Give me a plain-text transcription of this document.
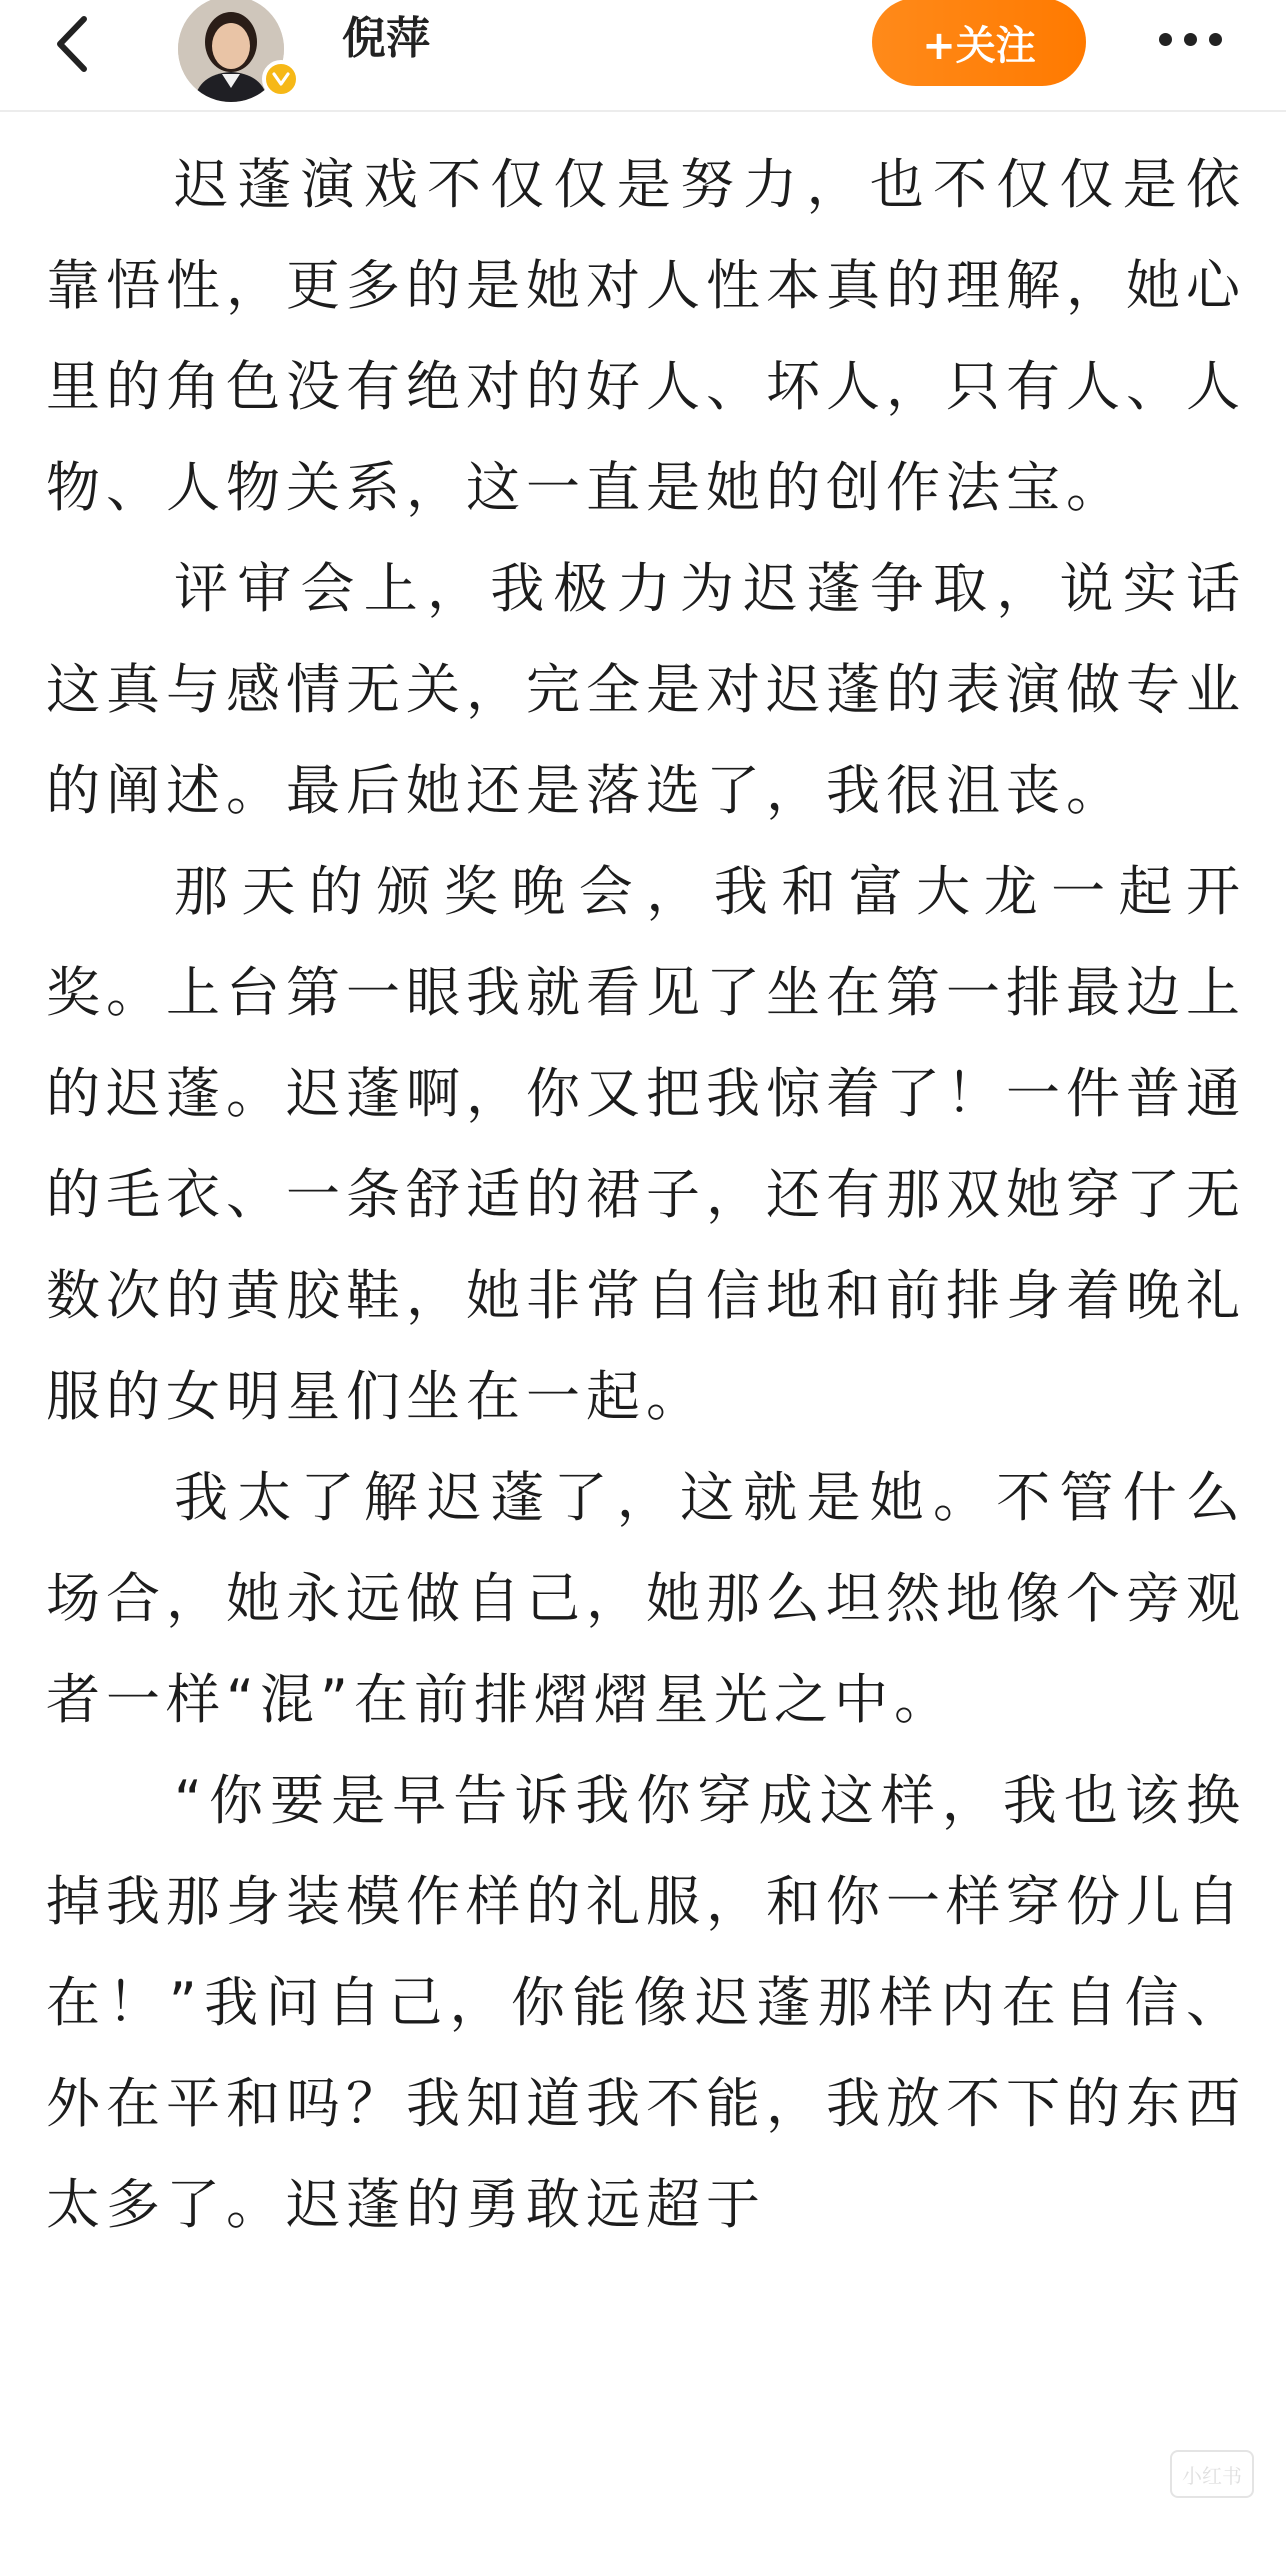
倪萍	+关注

迟蓬演戏不仅仅是努力，也不仅仅是依靠悟性，更多的是她对人性本真的理解，她心里的角色没有绝对的好人、坏人，只有人、人物、人物关系，这一直是她的创作法宝。

评审会上，我极力为迟蓬争取，说实话这真与感情无关，完全是对迟蓬的表演做专业的阐述。最后她还是落选了，我很沮丧。

那天的颁奖晚会，我和富大龙一起开奖。上台第一眼我就看见了坐在第一排最边上的迟蓬。迟蓬啊，你又把我惊着了！一件普通的毛衣、一条舒适的裙子，还有那双她穿了无数次的黄胶鞋，她非常自信地和前排身着晚礼服的女明星们坐在一起。

我太了解迟蓬了，这就是她。不管什么场合，她永远做自己，她那么坦然地像个旁观者一样“混”在前排熠熠星光之中。

“你要是早告诉我你穿成这样，我也该换掉我那身装模作样的礼服，和你一样穿份儿自在！”我问自己，你能像迟蓬那样内在自信、外在平和吗？我知道我不能，我放不下的东西太多了。迟蓬的勇敢远超于

小红书
